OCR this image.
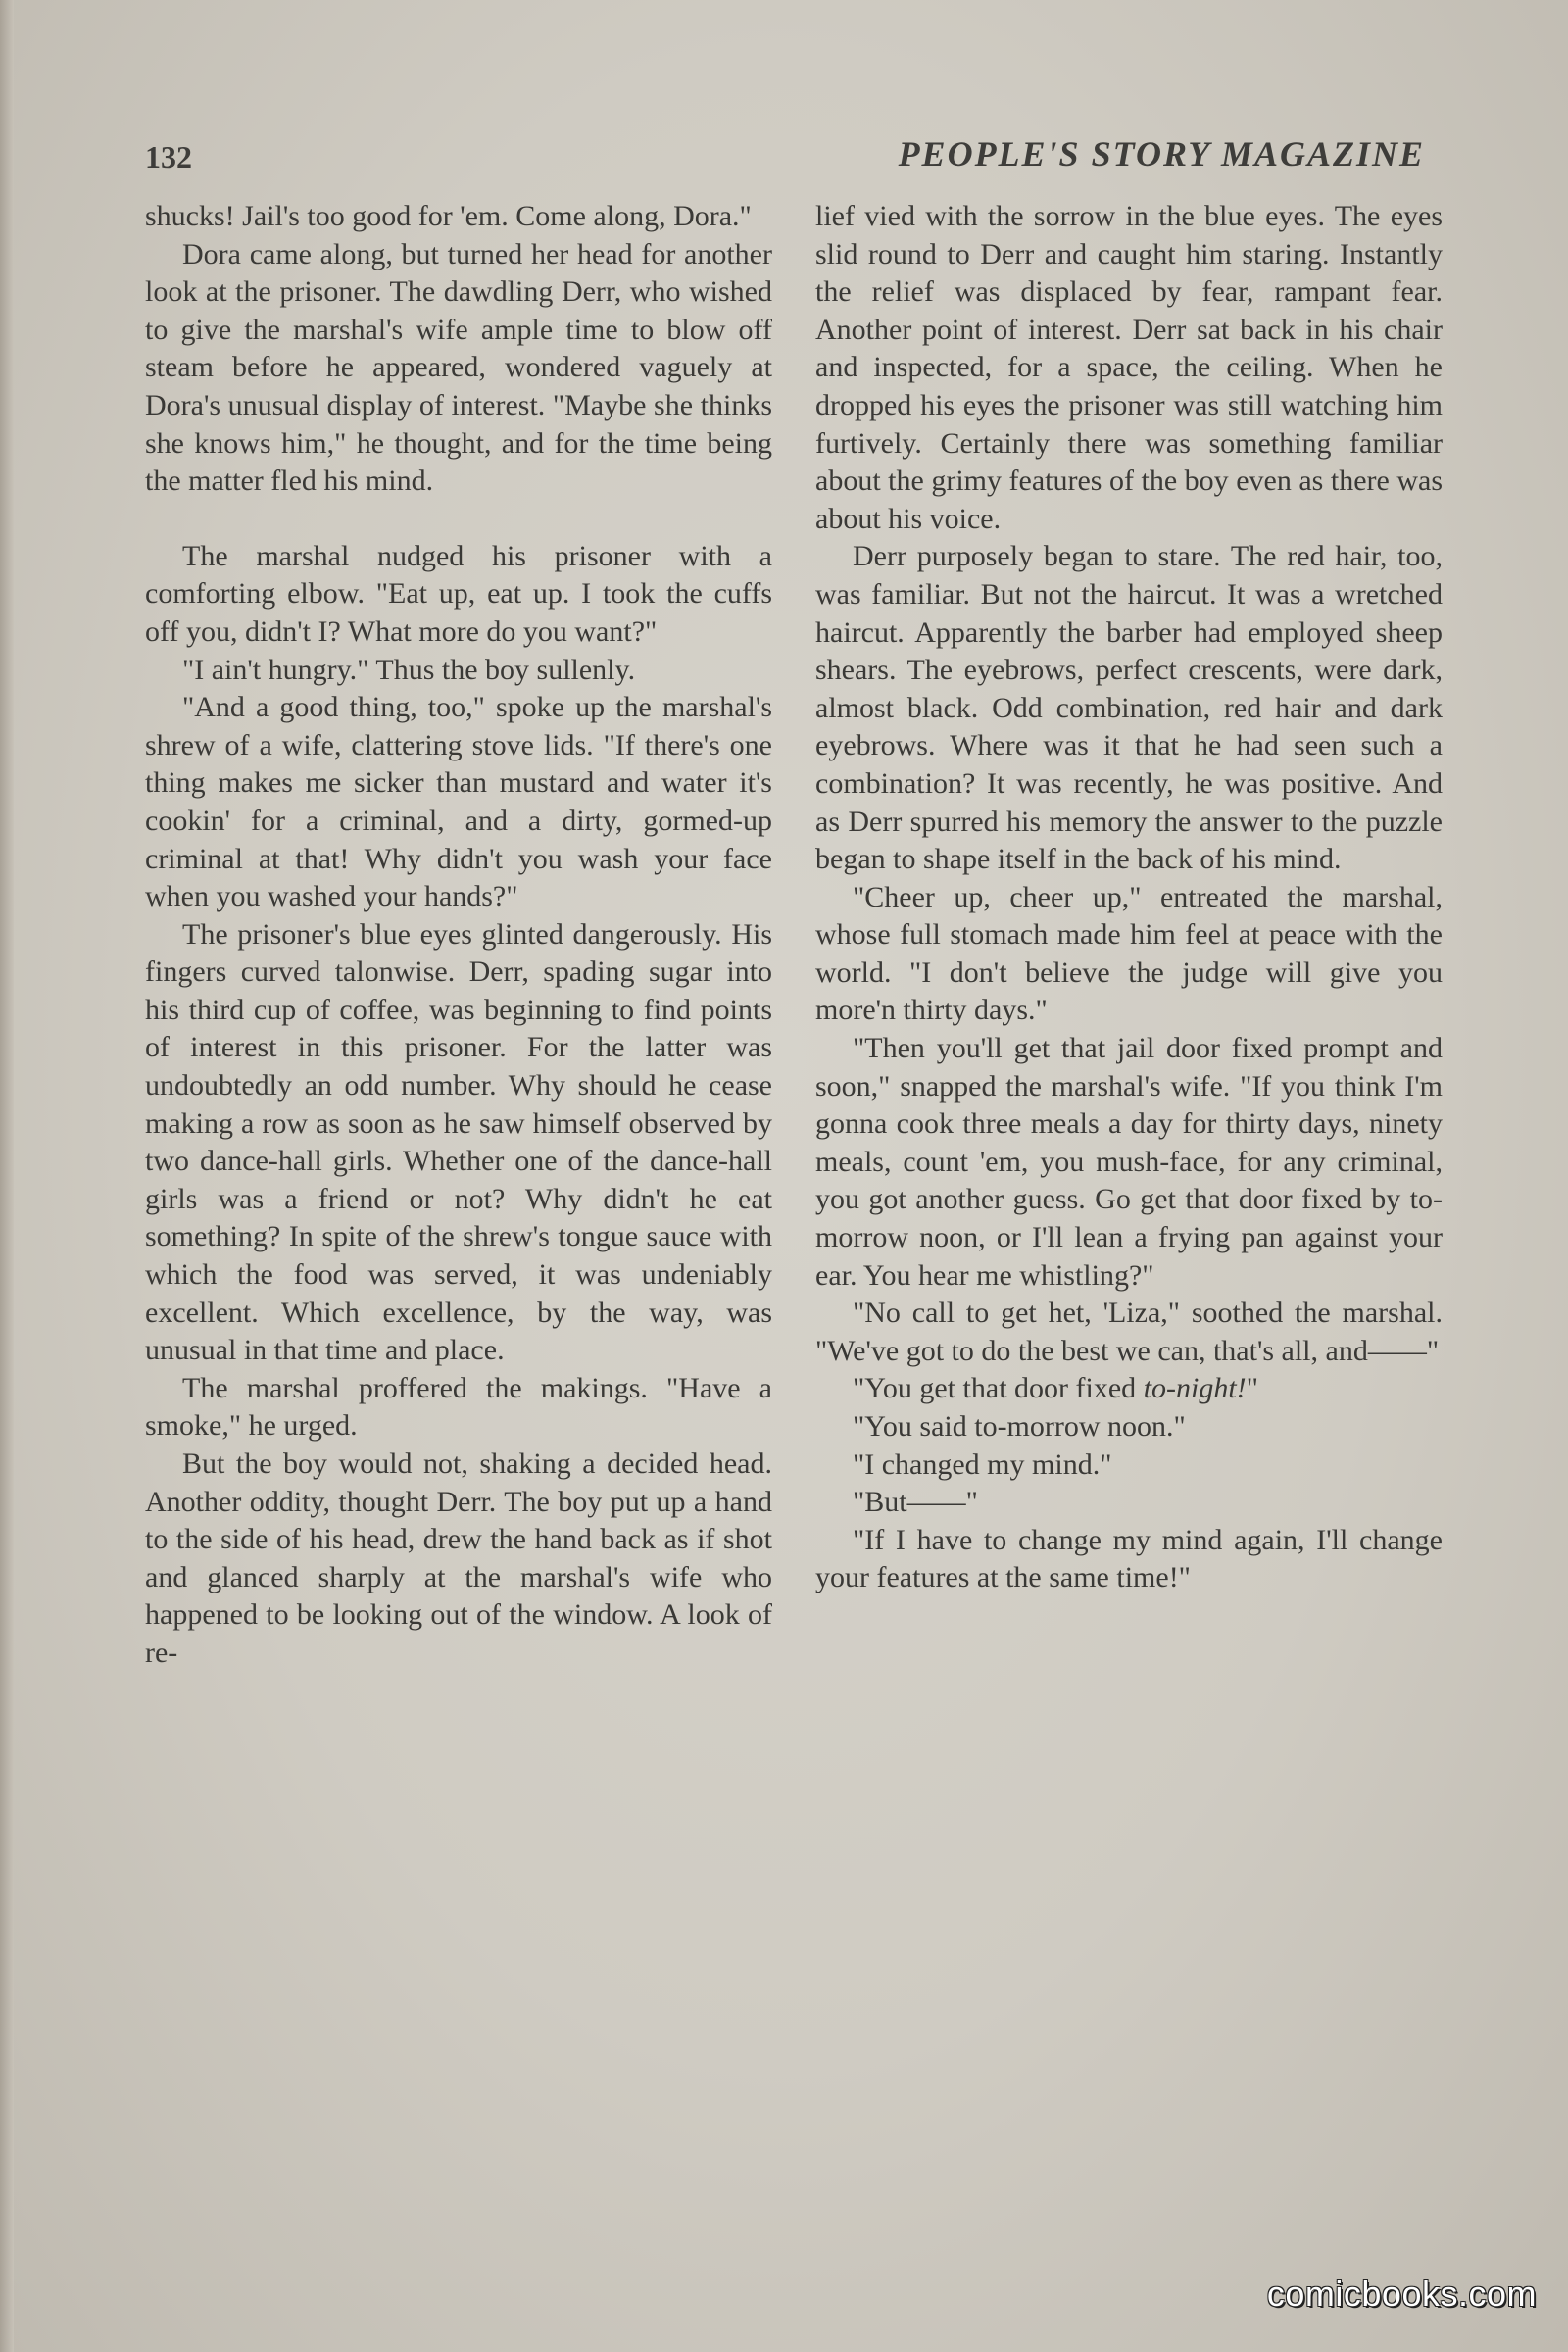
132	PEOPLE'S STORY MAGAZINE

shucks! Jail's too good for 'em. Come along, Dora."

Dora came along, but turned her head for another look at the prisoner. The dawdling Derr, who wished to give the marshal's wife ample time to blow off steam before he appeared, wondered vaguely at Dora's unusual display of interest. "Maybe she thinks she knows him," he thought, and for the time being the matter fled his mind.

The marshal nudged his prisoner with a comforting elbow. "Eat up, eat up. I took the cuffs off you, didn't I? What more do you want?"

"I ain't hungry." Thus the boy sullenly.

"And a good thing, too," spoke up the marshal's shrew of a wife, clattering stove lids. "If there's one thing makes me sicker than mustard and water it's cookin' for a criminal, and a dirty, gormed-up criminal at that! Why didn't you wash your face when you washed your hands?"

The prisoner's blue eyes glinted dangerously. His fingers curved talonwise. Derr, spading sugar into his third cup of coffee, was beginning to find points of interest in this prisoner. For the latter was undoubtedly an odd number. Why should he cease making a row as soon as he saw himself observed by two dance-hall girls. Whether one of the dance-hall girls was a friend or not? Why didn't he eat something? In spite of the shrew's tongue sauce with which the food was served, it was undeniably excellent. Which excellence, by the way, was unusual in that time and place.

The marshal proffered the makings. "Have a smoke," he urged.

But the boy would not, shaking a decided head. Another oddity, thought Derr. The boy put up a hand to the side of his head, drew the hand back as if shot and glanced sharply at the marshal's wife who happened to be looking out of the window. A look of re-

lief vied with the sorrow in the blue eyes. The eyes slid round to Derr and caught him staring. Instantly the relief was displaced by fear, rampant fear. Another point of interest. Derr sat back in his chair and inspected, for a space, the ceiling. When he dropped his eyes the prisoner was still watching him furtively. Certainly there was something familiar about the grimy features of the boy even as there was about his voice.

Derr purposely began to stare. The red hair, too, was familiar. But not the haircut. It was a wretched haircut. Apparently the barber had employed sheep shears. The eyebrows, perfect crescents, were dark, almost black. Odd combination, red hair and dark eyebrows. Where was it that he had seen such a combination? It was recently, he was positive. And as Derr spurred his memory the answer to the puzzle began to shape itself in the back of his mind.

"Cheer up, cheer up," entreated the marshal, whose full stomach made him feel at peace with the world. "I don't believe the judge will give you more'n thirty days."

"Then you'll get that jail door fixed prompt and soon," snapped the marshal's wife. "If you think I'm gonna cook three meals a day for thirty days, ninety meals, count 'em, you mush-face, for any criminal, you got another guess. Go get that door fixed by to-morrow noon, or I'll lean a frying pan against your ear. You hear me whistling?"

"No call to get het, 'Liza," soothed the marshal. "We've got to do the best we can, that's all, and——"

"You get that door fixed to-night!"

"You said to-morrow noon."

"I changed my mind."

"But——"

"If I have to change my mind again, I'll change your features at the same time!"

comicbooks.com
